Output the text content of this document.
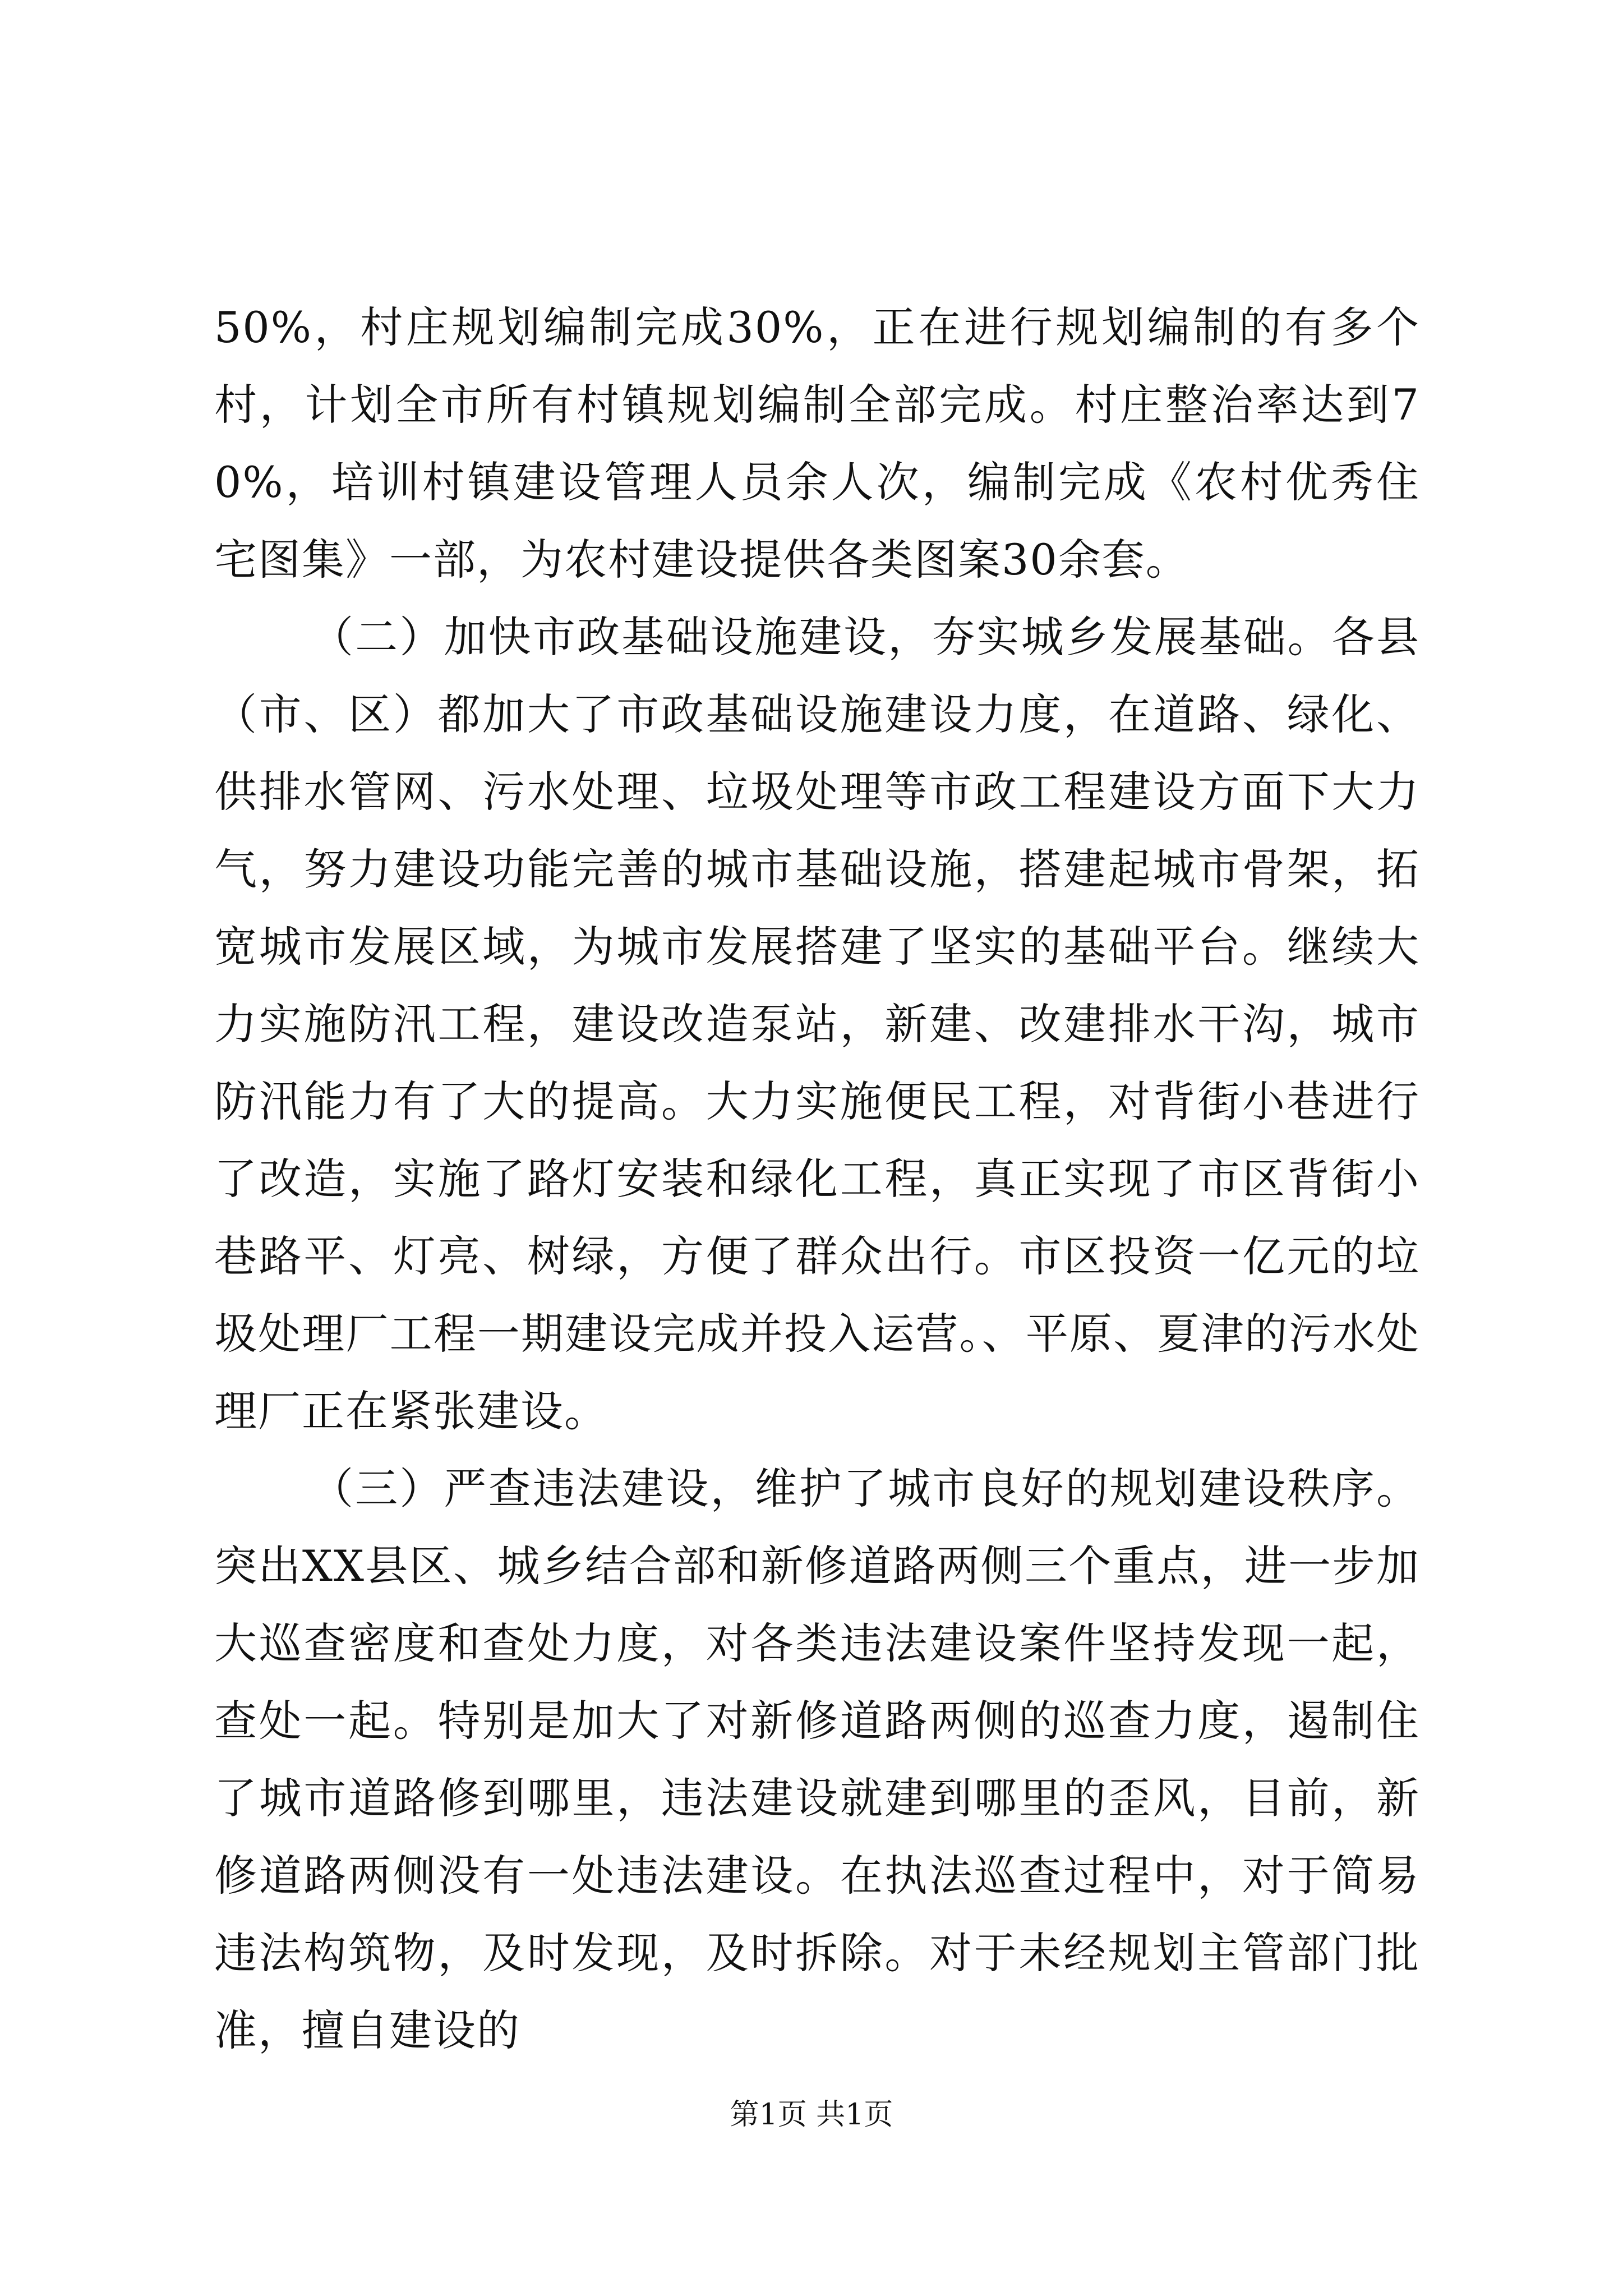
50%，村庄规划编制完成30%，正在进行规划编制的有多个村，计划全市所有村镇规划编制全部完成。村庄整治率达到70%，培训村镇建设管理人员余人次，编制完成《农村优秀住宅图集》一部，为农村建设提供各类图案30余套。

（二）加快市政基础设施建设，夯实城乡发展基础。各县（市、区）都加大了市政基础设施建设力度，在道路、绿化、供排水管网、污水处理、垃圾处理等市政工程建设方面下大力气，努力建设功能完善的城市基础设施，搭建起城市骨架，拓宽城市发展区域，为城市发展搭建了坚实的基础平台。继续大力实施防汛工程，建设改造泵站，新建、改建排水干沟，城市防汛能力有了大的提高。大力实施便民工程，对背街小巷进行了改造，实施了路灯安装和绿化工程，真正实现了市区背街小巷路平、灯亮、树绿，方便了群众出行。市区投资一亿元的垃圾处理厂工程一期建设完成并投入运营。、平原、夏津的污水处理厂正在紧张建设。

（三）严查违法建设，维护了城市良好的规划建设秩序。突出XX县区、城乡结合部和新修道路两侧三个重点，进一步加大巡查密度和查处力度，对各类违法建设案件坚持发现一起，查处一起。特别是加大了对新修道路两侧的巡查力度，遏制住了城市道路修到哪里，违法建设就建到哪里的歪风，目前，新修道路两侧没有一处违法建设。在执法巡查过程中，对于简易违法构筑物，及时发现，及时拆除。对于未经规划主管部门批准，擅自建设的

第1页 共1页
